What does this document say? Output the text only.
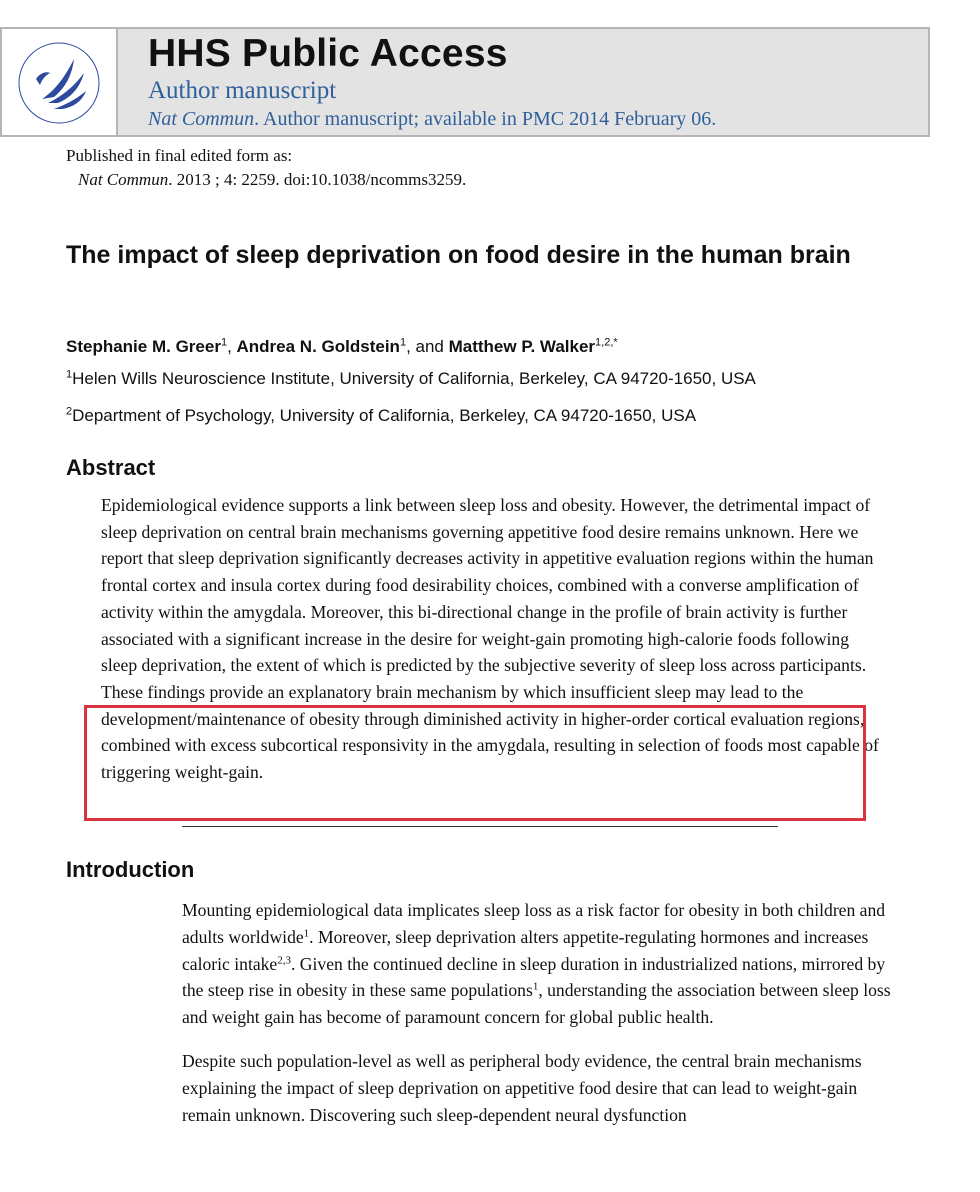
HHS Public Access
Author manuscript
Nat Commun. Author manuscript; available in PMC 2014 February 06.
Published in final edited form as:
Nat Commun. 2013 ; 4: 2259. doi:10.1038/ncomms3259.
The impact of sleep deprivation on food desire in the human brain
Stephanie M. Greer$^1$, Andrea N. Goldstein$^1$, and Matthew P. Walker$^{1,2,*}$
$^1$Helen Wills Neuroscience Institute, University of California, Berkeley, CA 94720-1650, USA
$^2$Department of Psychology, University of California, Berkeley, CA 94720-1650, USA
Abstract

Epidemiological evidence supports a link between sleep loss and obesity. However, the detrimental impact of sleep deprivation on central brain mechanisms governing appetitive food desire remains unknown. Here we report that sleep deprivation significantly decreases activity in appetitive evaluation regions within the human frontal cortex and insula cortex during food desirability choices, combined with a converse amplification of activity within the amygdala. Moreover, this bi-directional change in the profile of brain activity is further associated with a significant increase in the desire for weight-gain promoting high-calorie foods following sleep deprivation, the extent of which is predicted by the subjective severity of sleep loss across participants. These findings provide an explanatory brain mechanism by which insufficient sleep may lead to the development/maintenance of obesity through diminished activity in higher-order cortical evaluation regions, combined with excess subcortical responsivity in the amygdala, resulting in selection of foods most capable of triggering weight-gain.

Introduction

Mounting epidemiological data implicates sleep loss as a risk factor for obesity in both children and adults worldwide$^1$. Moreover, sleep deprivation alters appetite-regulating hormones and increases caloric intake$^{2,3}$. Given the continued decline in sleep duration in industrialized nations, mirrored by the steep rise in obesity in these same populations$^1$, understanding the association between sleep loss and weight gain has become of paramount concern for global public health.

Despite such population-level as well as peripheral body evidence, the central brain mechanisms explaining the impact of sleep deprivation on appetitive food desire that can lead to weight-gain remain unknown. Discovering such sleep-dependent neural dysfunction
